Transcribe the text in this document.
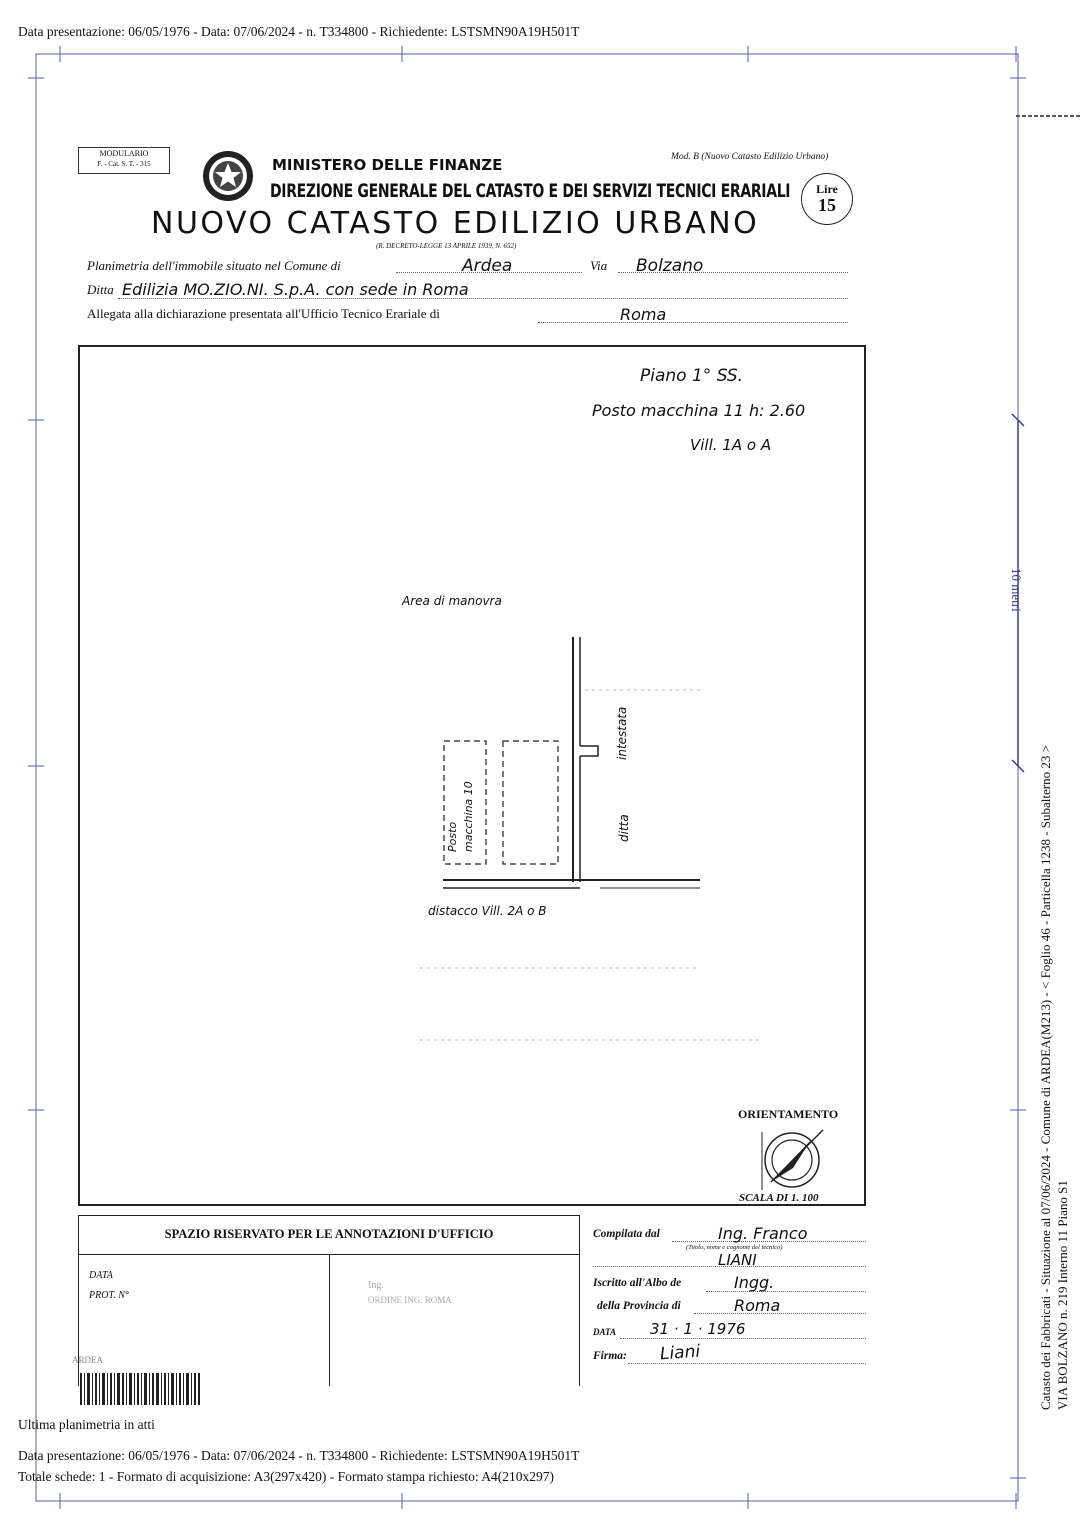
Data presentazione: 06/05/1976 - Data: 07/06/2024 - n. T334800 - Richiedente: LSTSMN90A19H501T
10 metri
Catasto dei Fabbricati - Situazione al 07/06/2024 - Comune di ARDEA(M213) - < Foglio 46 - Particella 1238 - Subalterno 23 > VIA BOLZANO n. 219 Interno 11 Piano S1
MODULARIO
F. - Cat. S. T. - 315	MINISTERO DELLE FINANZE	Mod. B (Nuovo Catasto Edilizio Urbano)
DIREZIONE GENERALE DEL CATASTO E DEI SERVIZI TECNICI ERARIALI	Lire
15
NUOVO CATASTO EDILIZIO URBANO
(R. DECRETO-LEGGE 13 APRILE 1939, N. 652)
Planimetria dell'immobile situato nel Comune di	Ardea	Via Bolzano
Ditta Edilizia MO.ZIO.NI. S.p.A. con sede in Roma
Allegata alla dichiarazione presentata all'Ufficio Tecnico Erariale di	Roma
Piano 1° SS.
Posto macchina 11 h: 2.60
Vill. 1A o A
Area di manovra
Posto macchina 10	ditta
intestata
distacco Vill. 2A o B
ORIENTAMENTO
SCALA DI 1. 100
SPAZIO RISERVATO PER LE ANNOTAZIONI D'UFFICIO
DATA
PROT. N°
Ing.
ORDINE ING. ROMA
ARDEA
Compilata dal	Ing. Franco
(Titolo, nome e cognome del tecnico)
LIANI
Iscritto all'Albo de	Ingg.
della Provincia di	Roma
DATA 31 · 1 · 1976
Firma: Liani
Ultima planimetria in atti
Data presentazione: 06/05/1976 - Data: 07/06/2024 - n. T334800 - Richiedente: LSTSMN90A19H501T
Totale schede: 1 - Formato di acquisizione: A3(297x420) - Formato stampa richiesto: A4(210x297)
